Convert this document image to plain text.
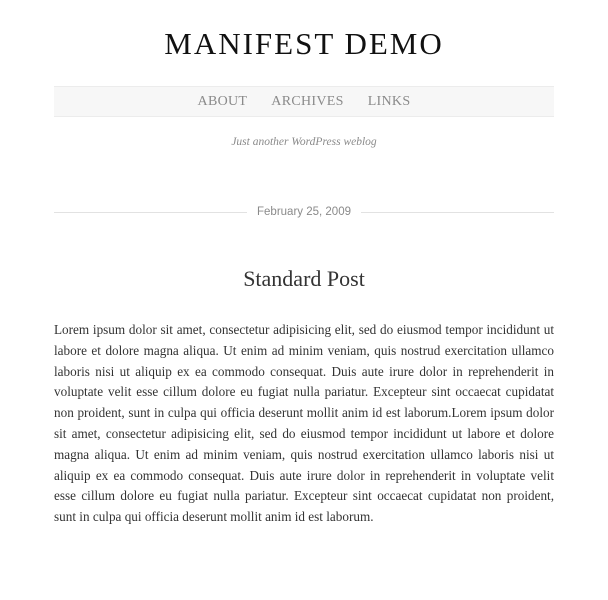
MANIFEST DEMO
ABOUT ARCHIVES LINKS
Just another WordPress weblog
February 25, 2009
Standard Post

Lorem ipsum dolor sit amet, consectetur adipisicing elit, sed do eiusmod tempor incididunt ut labore et dolore magna aliqua. Ut enim ad minim veniam, quis nostrud exercitation ullamco laboris nisi ut aliquip ex ea commodo consequat. Duis aute irure dolor in reprehenderit in voluptate velit esse cillum dolore eu fugiat nulla pariatur. Excepteur sint occaecat cupidatat non proident, sunt in culpa qui officia deserunt mollit anim id est laborum.Lorem ipsum dolor sit amet, consectetur adipisicing elit, sed do eiusmod tempor incididunt ut labore et dolore magna aliqua. Ut enim ad minim veniam, quis nostrud exercitation ullamco laboris nisi ut aliquip ex ea commodo consequat. Duis aute irure dolor in reprehenderit in voluptate velit esse cillum dolore eu fugiat nulla pariatur. Excepteur sint occaecat cupidatat non proident, sunt in culpa qui officia deserunt mollit anim id est laborum.
